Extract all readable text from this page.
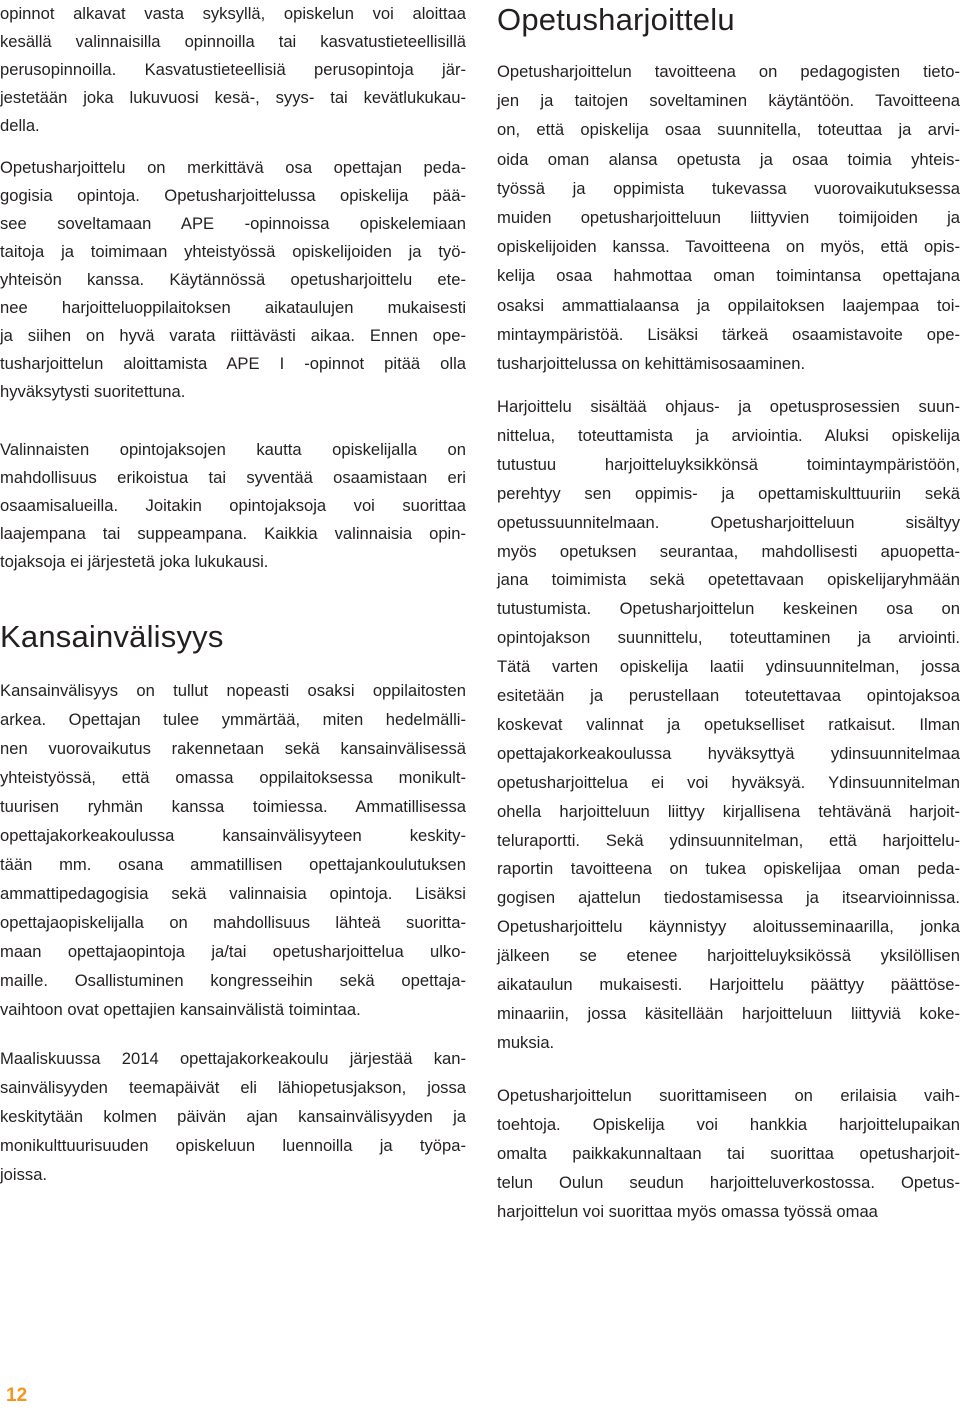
opinnot alkavat vasta syksyllä, opiskelun voi aloittaa
kesällä valinnaisilla opinnoilla tai kasvatustieteellisillä
perusopinnoilla. Kasvatustieteellisiä perusopintoja jär-
jestetään joka lukuvuosi kesä-, syys- tai kevätlukukau-
della.
Opetusharjoittelu on merkittävä osa opettajan peda-
gogisia opintoja. Opetusharjoittelussa opiskelija pää-
see soveltamaan APE -opinnoissa opiskelemiaan
taitoja ja toimimaan yhteistyössä opiskelijoiden ja työ-
yhteisön kanssa. Käytännössä opetusharjoittelu ete-
nee harjoitteluoppilaitoksen aikataulujen mukaisesti
ja siihen on hyvä varata riittävästi aikaa. Ennen ope-
tusharjoittelun aloittamista APE I -opinnot pitää olla
hyväksytysti suoritettuna.
Valinnaisten opintojaksojen kautta opiskelijalla on
mahdollisuus erikoistua tai syventää osaamistaan eri
osaamisalueilla. Joitakin opintojaksoja voi suorittaa
laajempana tai suppeampana. Kaikkia valinnaisia opin-
tojaksoja ei järjestetä joka lukukausi.
Kansainvälisyys
Kansainvälisyys on tullut nopeasti osaksi oppilaitosten
arkea. Opettajan tulee ymmärtää, miten hedelmälli-
nen vuorovaikutus rakennetaan sekä kansainvälisessä
yhteistyössä, että omassa oppilaitoksessa monikult-
tuurisen ryhmän kanssa toimiessa. Ammatillisessa
opettajakorkeakoulussa kansainvälisyyteen keskity-
tään mm. osana ammatillisen opettajankoulutuksen
ammattipedagogisia sekä valinnaisia opintoja. Lisäksi
opettajaopiskelijalla on mahdollisuus lähteä suoritta-
maan opettajaopintoja ja/tai opetusharjoittelua ulko-
maille. Osallistuminen kongresseihin sekä opettaja-
vaihtoon ovat opettajien kansainvälistä toimintaa.
Maaliskuussa 2014 opettajakorkeakoulu järjestää kan-
sainvälisyyden teemapäivät eli lähiopetusjakson, jossa
keskitytään kolmen päivän ajan kansainvälisyyden ja
monikulttuurisuuden opiskeluun luennoilla ja työpa-
joissa.
Opetusharjoittelu
Opetusharjoittelun tavoitteena on pedagogisten tieto-
jen ja taitojen soveltaminen käytäntöön. Tavoitteena
on, että opiskelija osaa suunnitella, toteuttaa ja arvi-
oida oman alansa opetusta ja osaa toimia yhteis-
työssä ja oppimista tukevassa vuorovaikutuksessa
muiden opetusharjoitteluun liittyvien toimijoiden ja
opiskelijoiden kanssa. Tavoitteena on myös, että opis-
kelija osaa hahmottaa oman toimintansa opettajana
osaksi ammattialaansa ja oppilaitoksen laajempaa toi-
mintaympäristöä. Lisäksi tärkeä osaamistavoite ope-
tusharjoittelussa on kehittämisosaaminen.
Harjoittelu sisältää ohjaus- ja opetusprosessien suun-
nittelua, toteuttamista ja arviointia. Aluksi opiskelija
tutustuu harjoitteluyksikkönsä toimintaympäristöön,
perehtyy sen oppimis- ja opettamiskulttuuriin sekä
opetussuunnitelmaan. Opetusharjoitteluun sisältyy
myös opetuksen seurantaa, mahdollisesti apuopetta-
jana toimimista sekä opetettavaan opiskelijaryhmään
tutustumista. Opetusharjoittelun keskeinen osa on
opintojakson suunnittelu, toteuttaminen ja arviointi.
Tätä varten opiskelija laatii ydinsuunnitelman, jossa
esitetään ja perustellaan toteutettavaa opintojaksoa
koskevat valinnat ja opetukselliset ratkaisut. Ilman
opettajakorkeakoulussa hyväksyttyä ydinsuunnitelmaa
opetusharjoittelua ei voi hyväksyä. Ydinsuunnitelman
ohella harjoitteluun liittyy kirjallisena tehtävänä harjoit-
teluraportti. Sekä ydinsuunnitelman, että harjoittelu-
raportin tavoitteena on tukea opiskelijaa oman peda-
gogisen ajattelun tiedostamisessa ja itsearvioinnissa.
Opetusharjoittelu käynnistyy aloitusseminaarilla, jonka
jälkeen se etenee harjoitteluyksikössä yksilöllisen
aikataulun mukaisesti. Harjoittelu päättyy päättöse-
minaariin, jossa käsitellään harjoitteluun liittyviä koke-
muksia.
Opetusharjoittelun suorittamiseen on erilaisia vaih-
toehtoja. Opiskelija voi hankkia harjoittelupaikan
omalta paikkakunnaltaan tai suorittaa opetusharjoit-
telun Oulun seudun harjoitteluverkostossa. Opetus-
harjoittelun voi suorittaa myös omassa työssä omaa
12
